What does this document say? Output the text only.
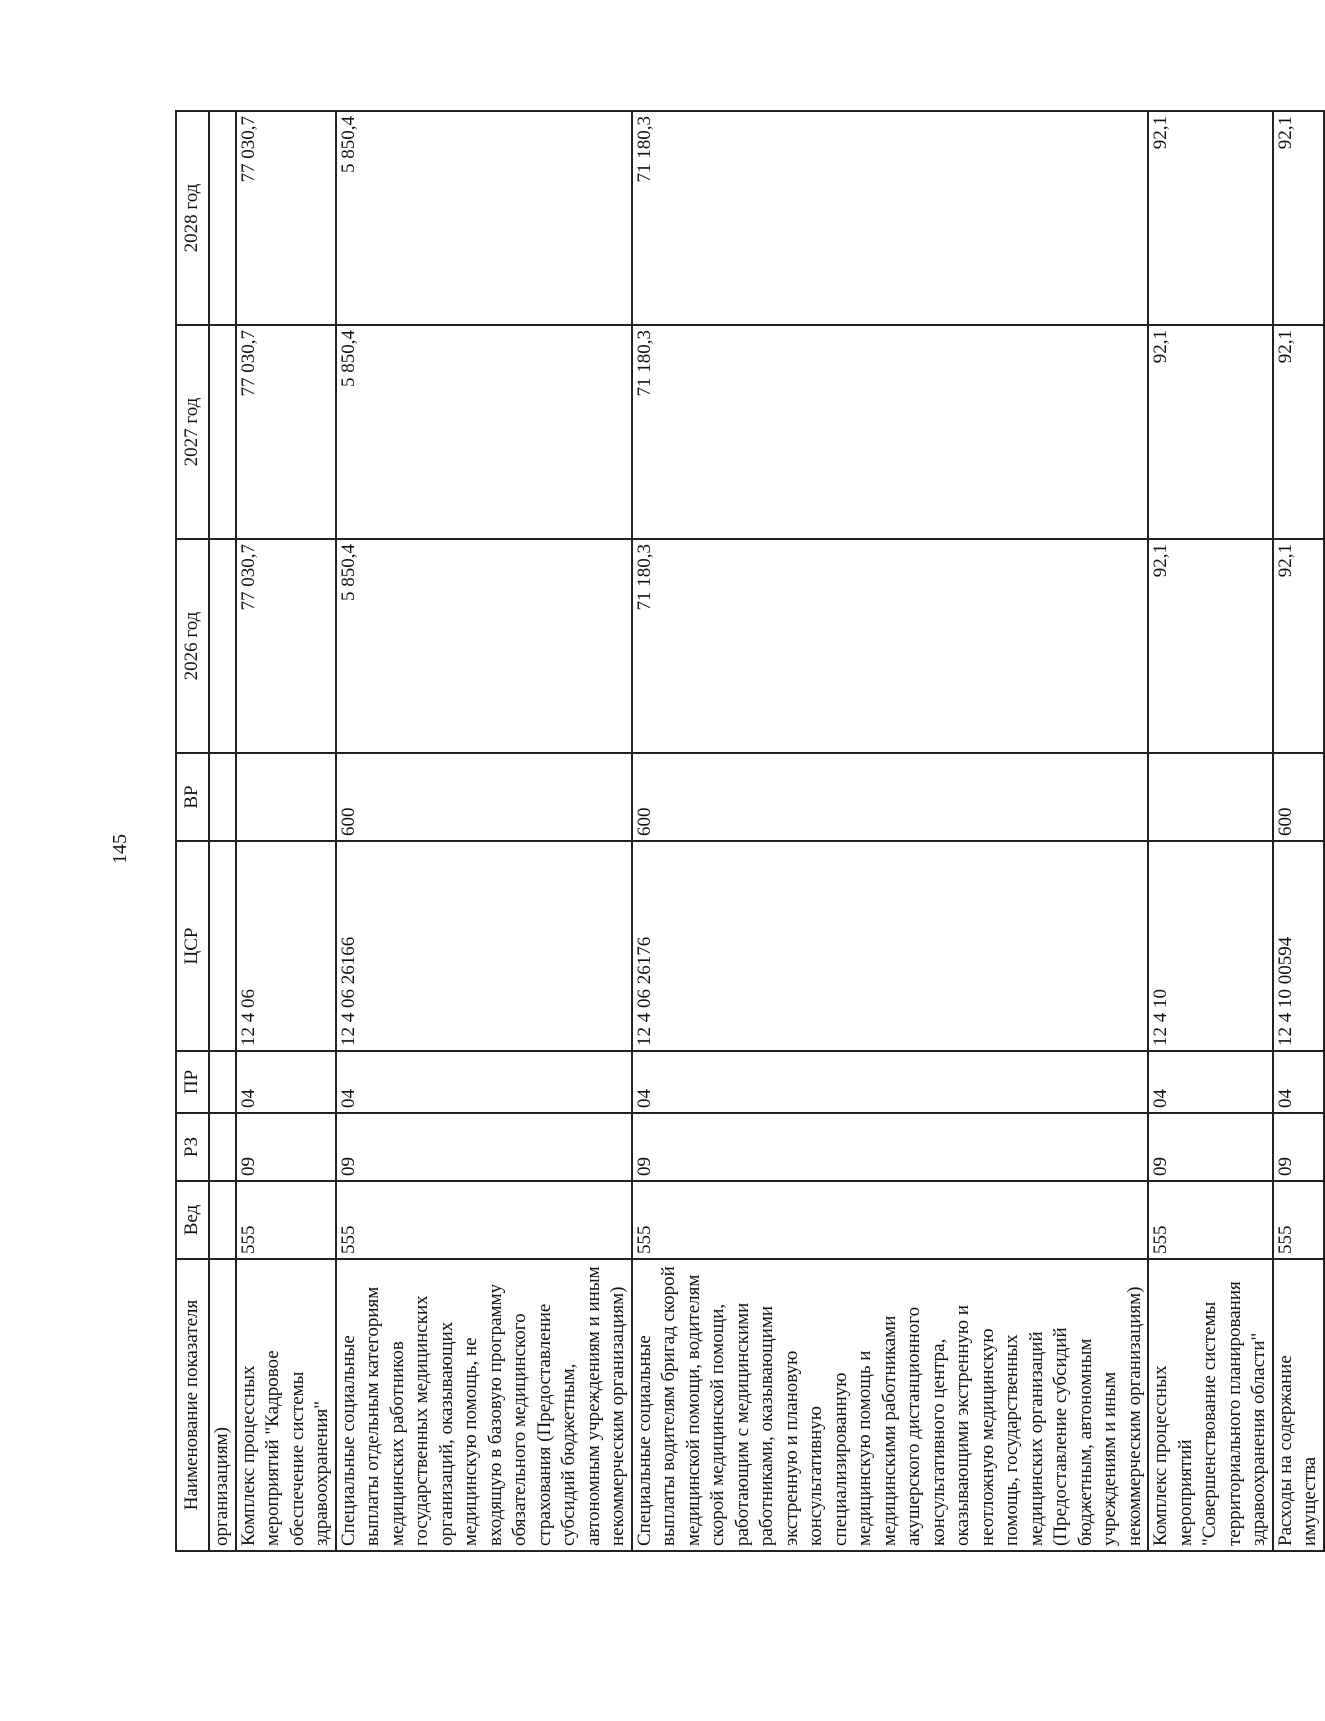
145
Наименование показателя	Вед	РЗ	ПР	ЦСР	ВР	2026 год	2027 год	2028 год
организациям)								
Комплекс процессных мероприятий "Кадровое обеспечение системы здравоохранения"	555	09	04	12 4 06		77 030,7	77 030,7	77 030,7
Специальные социальные выплаты отдельным категориям медицинских работников государственных медицинских организаций, оказывающих медицинскую помощь, не входящую в базовую программу обязательного медицинского страхования (Предоставление субсидий бюджетным, автономным учреждениям и иным некоммерческим организациям)	555	09	04	12 4 06 26166	600	5 850,4	5 850,4	5 850,4
Специальные социальные выплаты водителям бригад скорой медицинской помощи, водителям скорой медицинской помощи, работающим с медицинскими работниками, оказывающими экстренную и плановую консультативную специализированную медицинскую помощь и медицинскими работниками акушерского дистанционного консультативного центра, оказывающими экстренную и неотложную медицинскую помощь, государственных медицинских организаций (Предоставление субсидий бюджетным, автономным учреждениям и иным некоммерческим организациям)	555	09	04	12 4 06 26176	600	71 180,3	71 180,3	71 180,3
Комплекс процессных мероприятий "Совершенствование системы территориального планирования здравоохранения области"	555	09	04	12 4 10		92,1	92,1	92,1
Расходы на содержание имущества	555	09	04	12 4 10 00594	600	92,1	92,1	92,1
